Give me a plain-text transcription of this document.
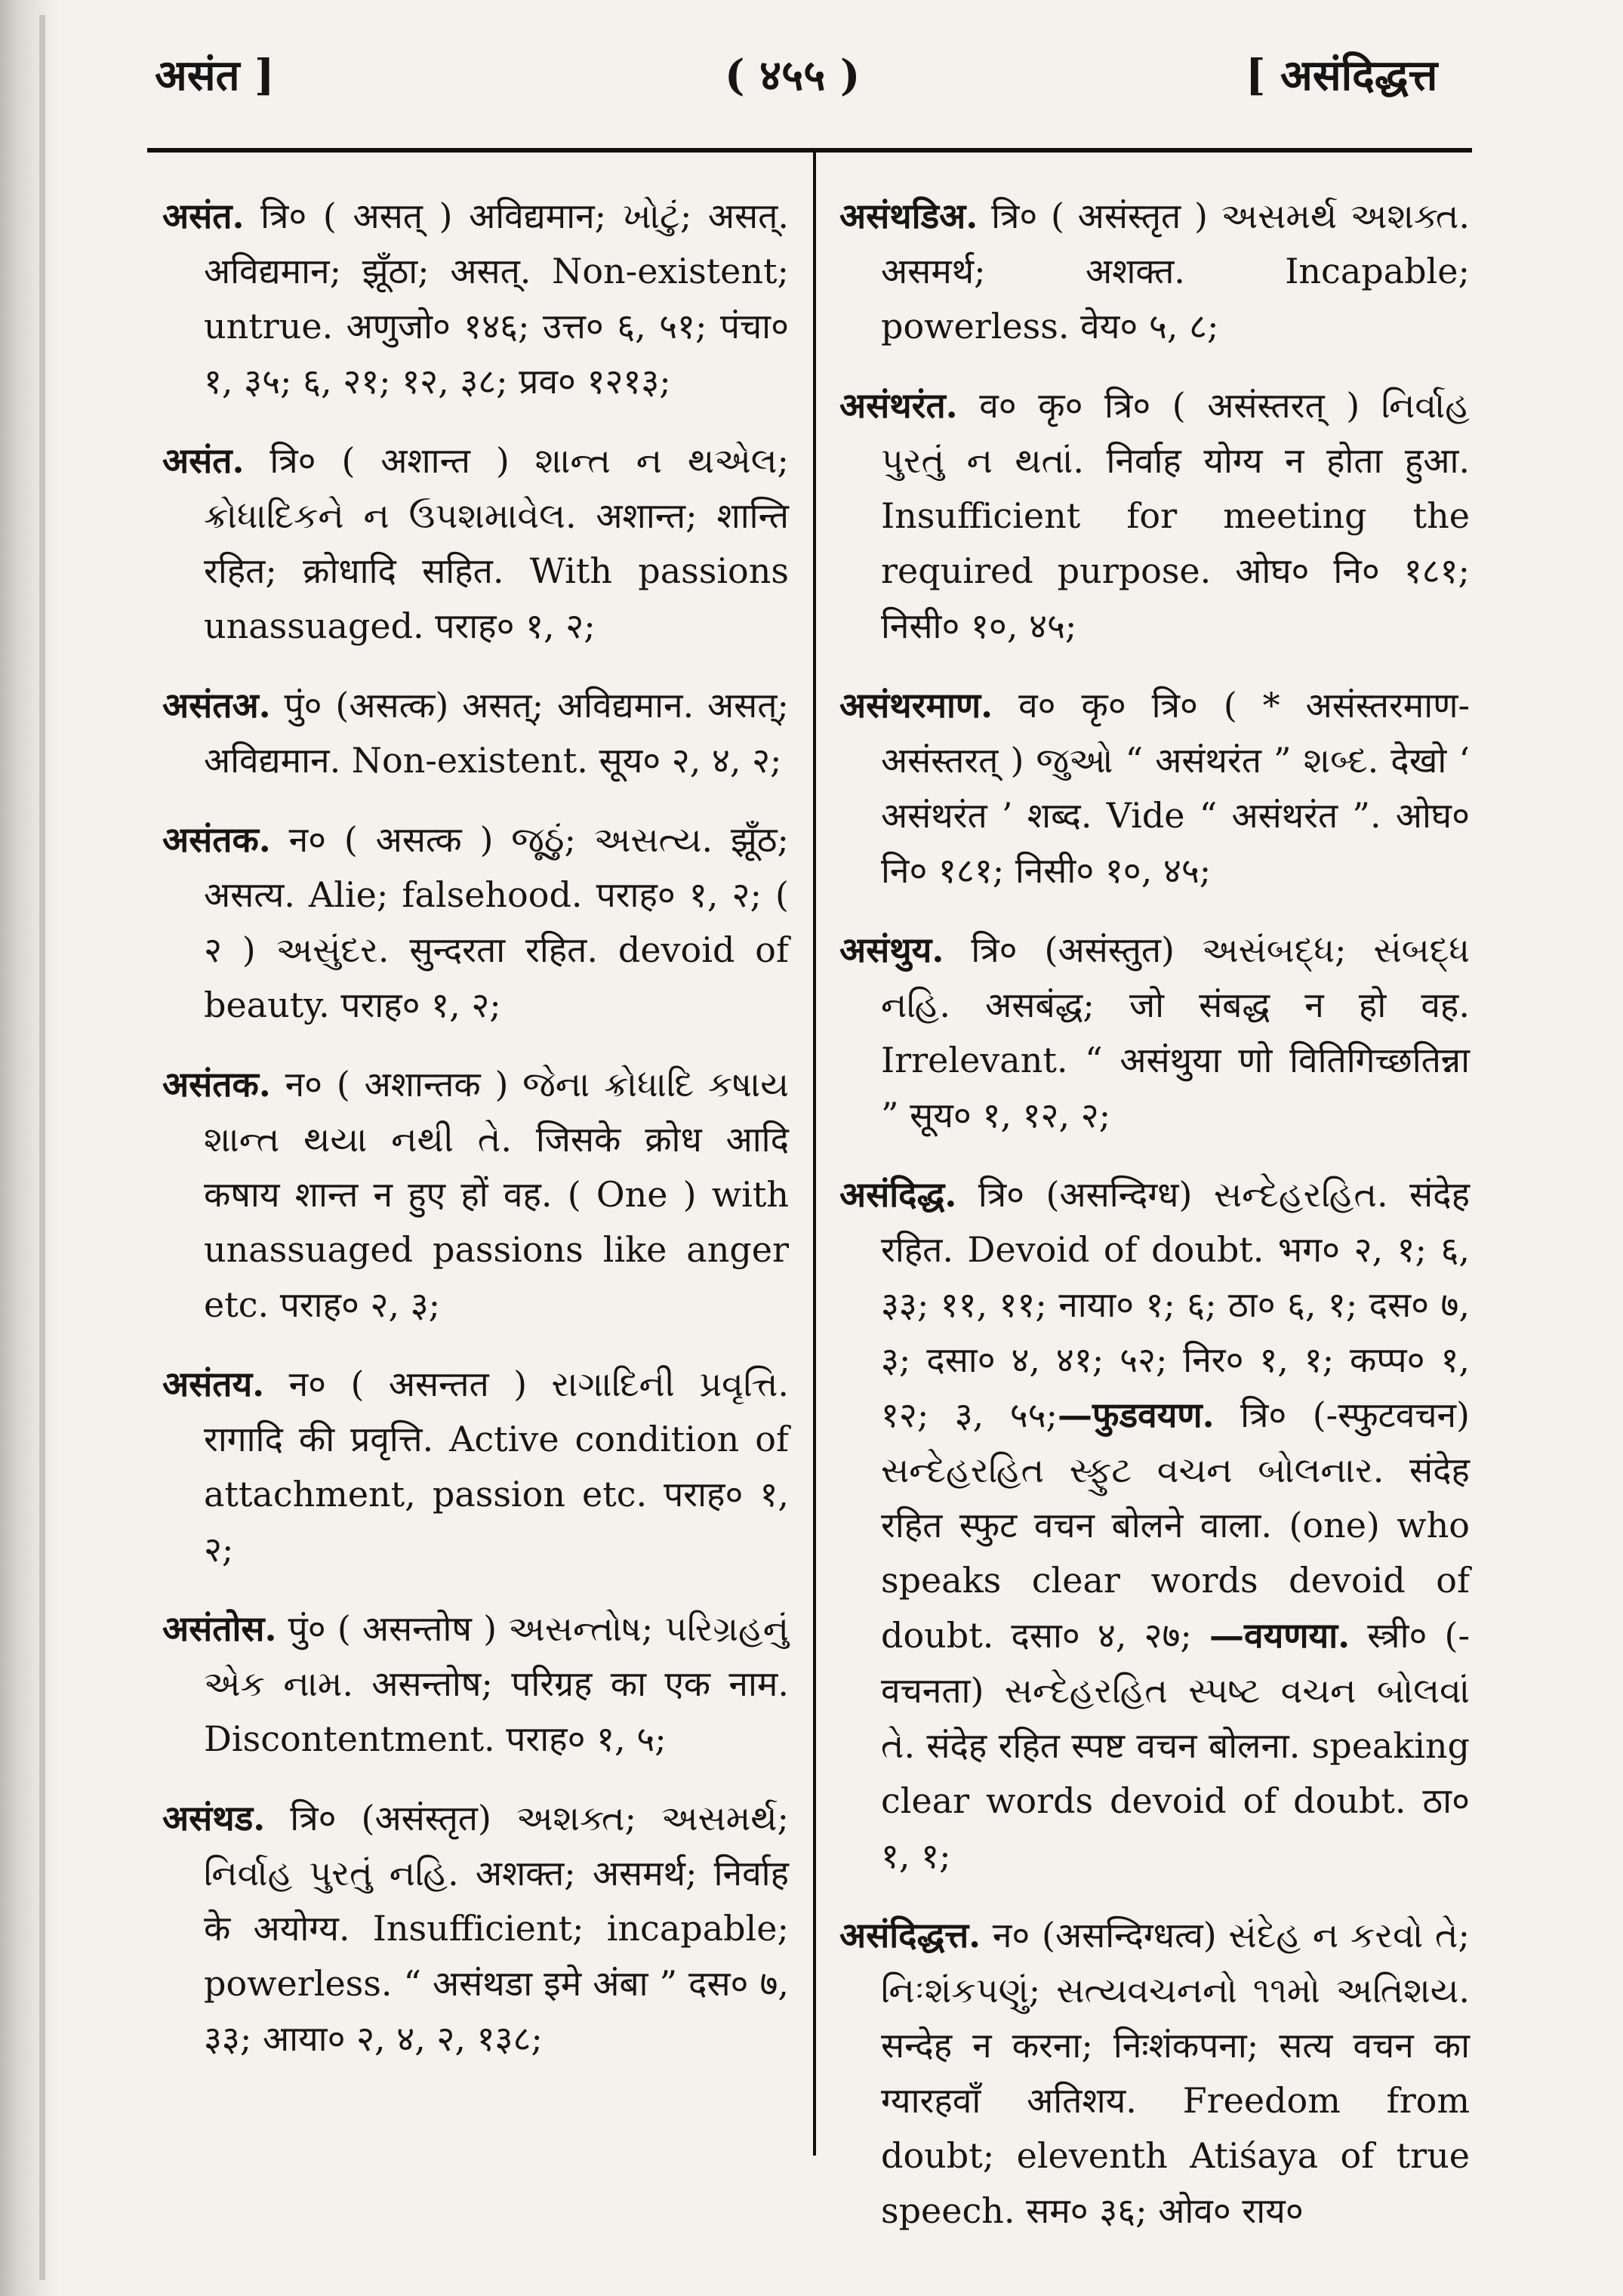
असंत ]	( ४५५ )	[ असंदिद्धत्त

असंत. त्रि० ( असत् ) अविद्यमान; ખોટું; असत्. अविद्यमान; झूँठा; असत्. Non-existent; untrue. अणुजो० १४६; उत्त० ६, ५१; पंचा० १, ३५; ६, २१; १२, ३८; प्रव० १२१३;

असंत. त्रि० ( अशान्त ) શાન્ત ન થએલ; ક્રોધાદિકને ન ઉપશમાવેલ. अशान्त; शान्ति रहित; क्रोधादि सहित. With passions unassuaged. पराह० १, २;

असंतअ. पुं० (असत्क) असत्; अविद्यमान. असत्; अविद्यमान. Non-existent. सूय० २, ४, २;

असंतक. न० ( असत्क ) જૂઠું; અસત્ય. झूँठ; असत्य. Alie; falsehood. पराह० १, २; ( २ ) અસુંદર. सुन्दरता रहित. devoid of beauty. पराह० १, २;

असंतक. न० ( अशान्तक ) જેના ક્રોધાદિ કષાય શાન્ત થયા નથી તે. जिसके क्रोध आदि कषाय शान्त न हुए हों वह. ( One ) with unassuaged passions like anger etc. पराह० २, ३;

असंतय. न० ( असन्तत ) રાગાદિની પ્રવૃત્તિ. रागादि की प्रवृत्ति. Active condition of attachment, passion etc. पराह० १, २;

असंतोस. पुं० ( असन्तोष ) અસન્તોષ; પરિગ્રહનું એક નામ. असन्तोष; परिग्रह का एक नाम. Discontentment. पराह० १, ५;

असंथड. त्रि० (असंस्तृत) અશક્ત; અસમર્થ; નિર્વાહ પુરતું નહિ. अशक्त; असमर्थ; निर्वाह के अयोग्य. Insufficient; incapable; powerless. “ असंथडा इमे अंबा ” दस० ७, ३३; आया० २, ४, २, १३८;

असंथडिअ. त्रि० ( असंस्तृत ) અસમર્થ અશક્ત. असमर्थ; अशक्त. Incapable; powerless. वेय० ५, ८;

असंथरंत. व० कृ० त्रि० ( असंस्तरत् ) નિર્વાહ પુરતું ન થતાં. निर्वाह योग्य न होता हुआ. Insufficient for meeting the required purpose. ओघ० नि० १८१; निसी० १०, ४५;

असंथरमाण. व० कृ० त्रि० ( * असंस्तरमाण- असंस्तरत् ) જુઓ “ असंथरंत ” શબ્દ. देखो ‘ असंथरंत ’ शब्द. Vide “ असंथरंत ”. ओघ० नि० १८१; निसी० १०, ४५;

असंथुय. त्रि० (असंस्तुत) અસંબદ્ધ; સંબદ્ધ નહિ. असबंद्ध; जो संबद्ध न हो वह. Irrelevant. “ असंथुया णो वितिगिच्छतिन्ना ” सूय० १, १२, २;

असंदिद्ध. त्रि० (असन्दिग्ध) સન્દેહરહિત. संदेह रहित. Devoid of doubt. भग० २, १; ६, ३३; ११, ११; नाया० १; ६; ठा० ६, १; दस० ७, ३; दसा० ४, ४१; ५२; निर० १, १; कप्प० १, १२; ३, ५५;—फुडवयण. त्रि० (-स्फुटवचन) સન્દેહરહિત સ્ફુટ વચન બોલનાર. संदेह रहित स्फुट वचन बोलने वाला. (one) who speaks clear words devoid of doubt. दसा० ४, २७; —वयणया. स्त्री० (-वचनता) સન્દેહરહિત સ્પષ્ટ વચન બોલવાં તે. संदेह रहित स्पष्ट वचन बोलना. speaking clear words devoid of doubt. ठा० १, १;

असंदिद्धत्त. न० (असन्दिग्धत्व) સંદેહ ન કરવો તે; નિઃશંકપણું; સત્યવચનનો ૧૧મો અતિશય. सन्देह न करना; निःशंकपना; सत्य वचन का ग्यारहवाँ अतिशय. Freedom from doubt; eleventh Atiśaya of true speech. सम० ३६; ओव० राय०
